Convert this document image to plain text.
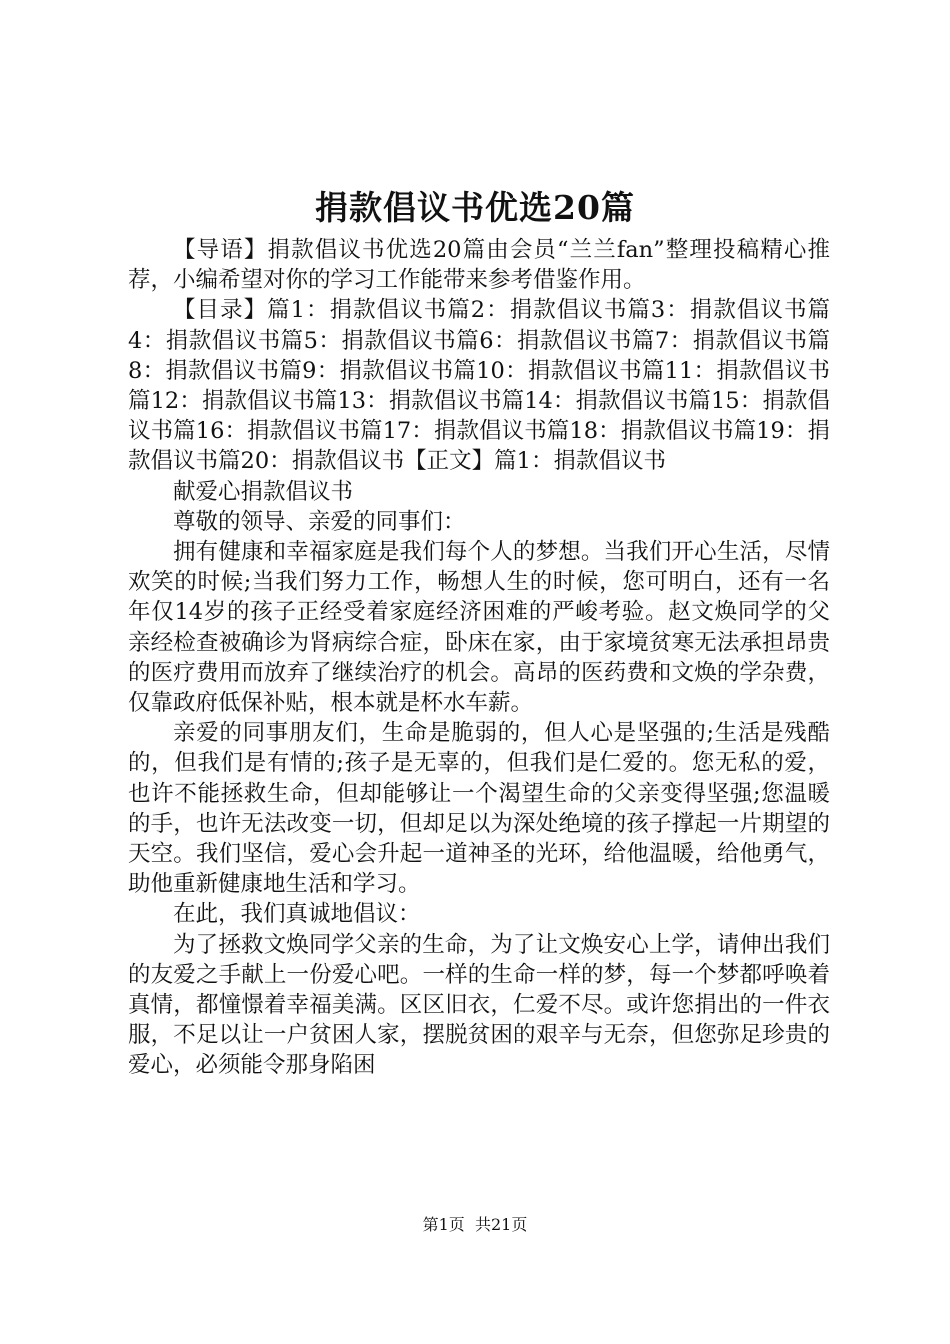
捐款倡议书优选20篇

【导语】捐款倡议书优选20篇由会员“兰兰fan”整理投稿精心推荐，小编希望对你的学习工作能带来参考借鉴作用。

【目录】篇1：捐款倡议书篇2：捐款倡议书篇3：捐款倡议书篇4：捐款倡议书篇5：捐款倡议书篇6：捐款倡议书篇7：捐款倡议书篇8：捐款倡议书篇9：捐款倡议书篇10：捐款倡议书篇11：捐款倡议书篇12：捐款倡议书篇13：捐款倡议书篇14：捐款倡议书篇15：捐款倡议书篇16：捐款倡议书篇17：捐款倡议书篇18：捐款倡议书篇19：捐款倡议书篇20：捐款倡议书【正文】篇1：捐款倡议书

献爱心捐款倡议书

尊敬的领导、亲爱的同事们：

拥有健康和幸福家庭是我们每个人的梦想。当我们开心生活，尽情欢笑的时候;当我们努力工作，畅想人生的时候，您可明白，还有一名年仅14岁的孩子正经受着家庭经济困难的严峻考验。赵文焕同学的父亲经检查被确诊为肾病综合症，卧床在家，由于家境贫寒无法承担昂贵的医疗费用而放弃了继续治疗的机会。高昂的医药费和文焕的学杂费，仅靠政府低保补贴，根本就是杯水车薪。

亲爱的同事朋友们，生命是脆弱的，但人心是坚强的;生活是残酷的，但我们是有情的;孩子是无辜的，但我们是仁爱的。您无私的爱，也许不能拯救生命，但却能够让一个渴望生命的父亲变得坚强;您温暖的手，也许无法改变一切，但却足以为深处绝境的孩子撑起一片期望的天空。我们坚信，爱心会升起一道神圣的光环，给他温暖，给他勇气，助他重新健康地生活和学习。

在此，我们真诚地倡议：

为了拯救文焕同学父亲的生命，为了让文焕安心上学，请伸出我们的友爱之手献上一份爱心吧。一样的生命一样的梦，每一个梦都呼唤着真情，都憧憬着幸福美满。区区旧衣，仁爱不尽。或许您捐出的一件衣服，不足以让一户贫困人家，摆脱贫困的艰辛与无奈，但您弥足珍贵的爱心，必须能令那身陷困

第1页 共21页
